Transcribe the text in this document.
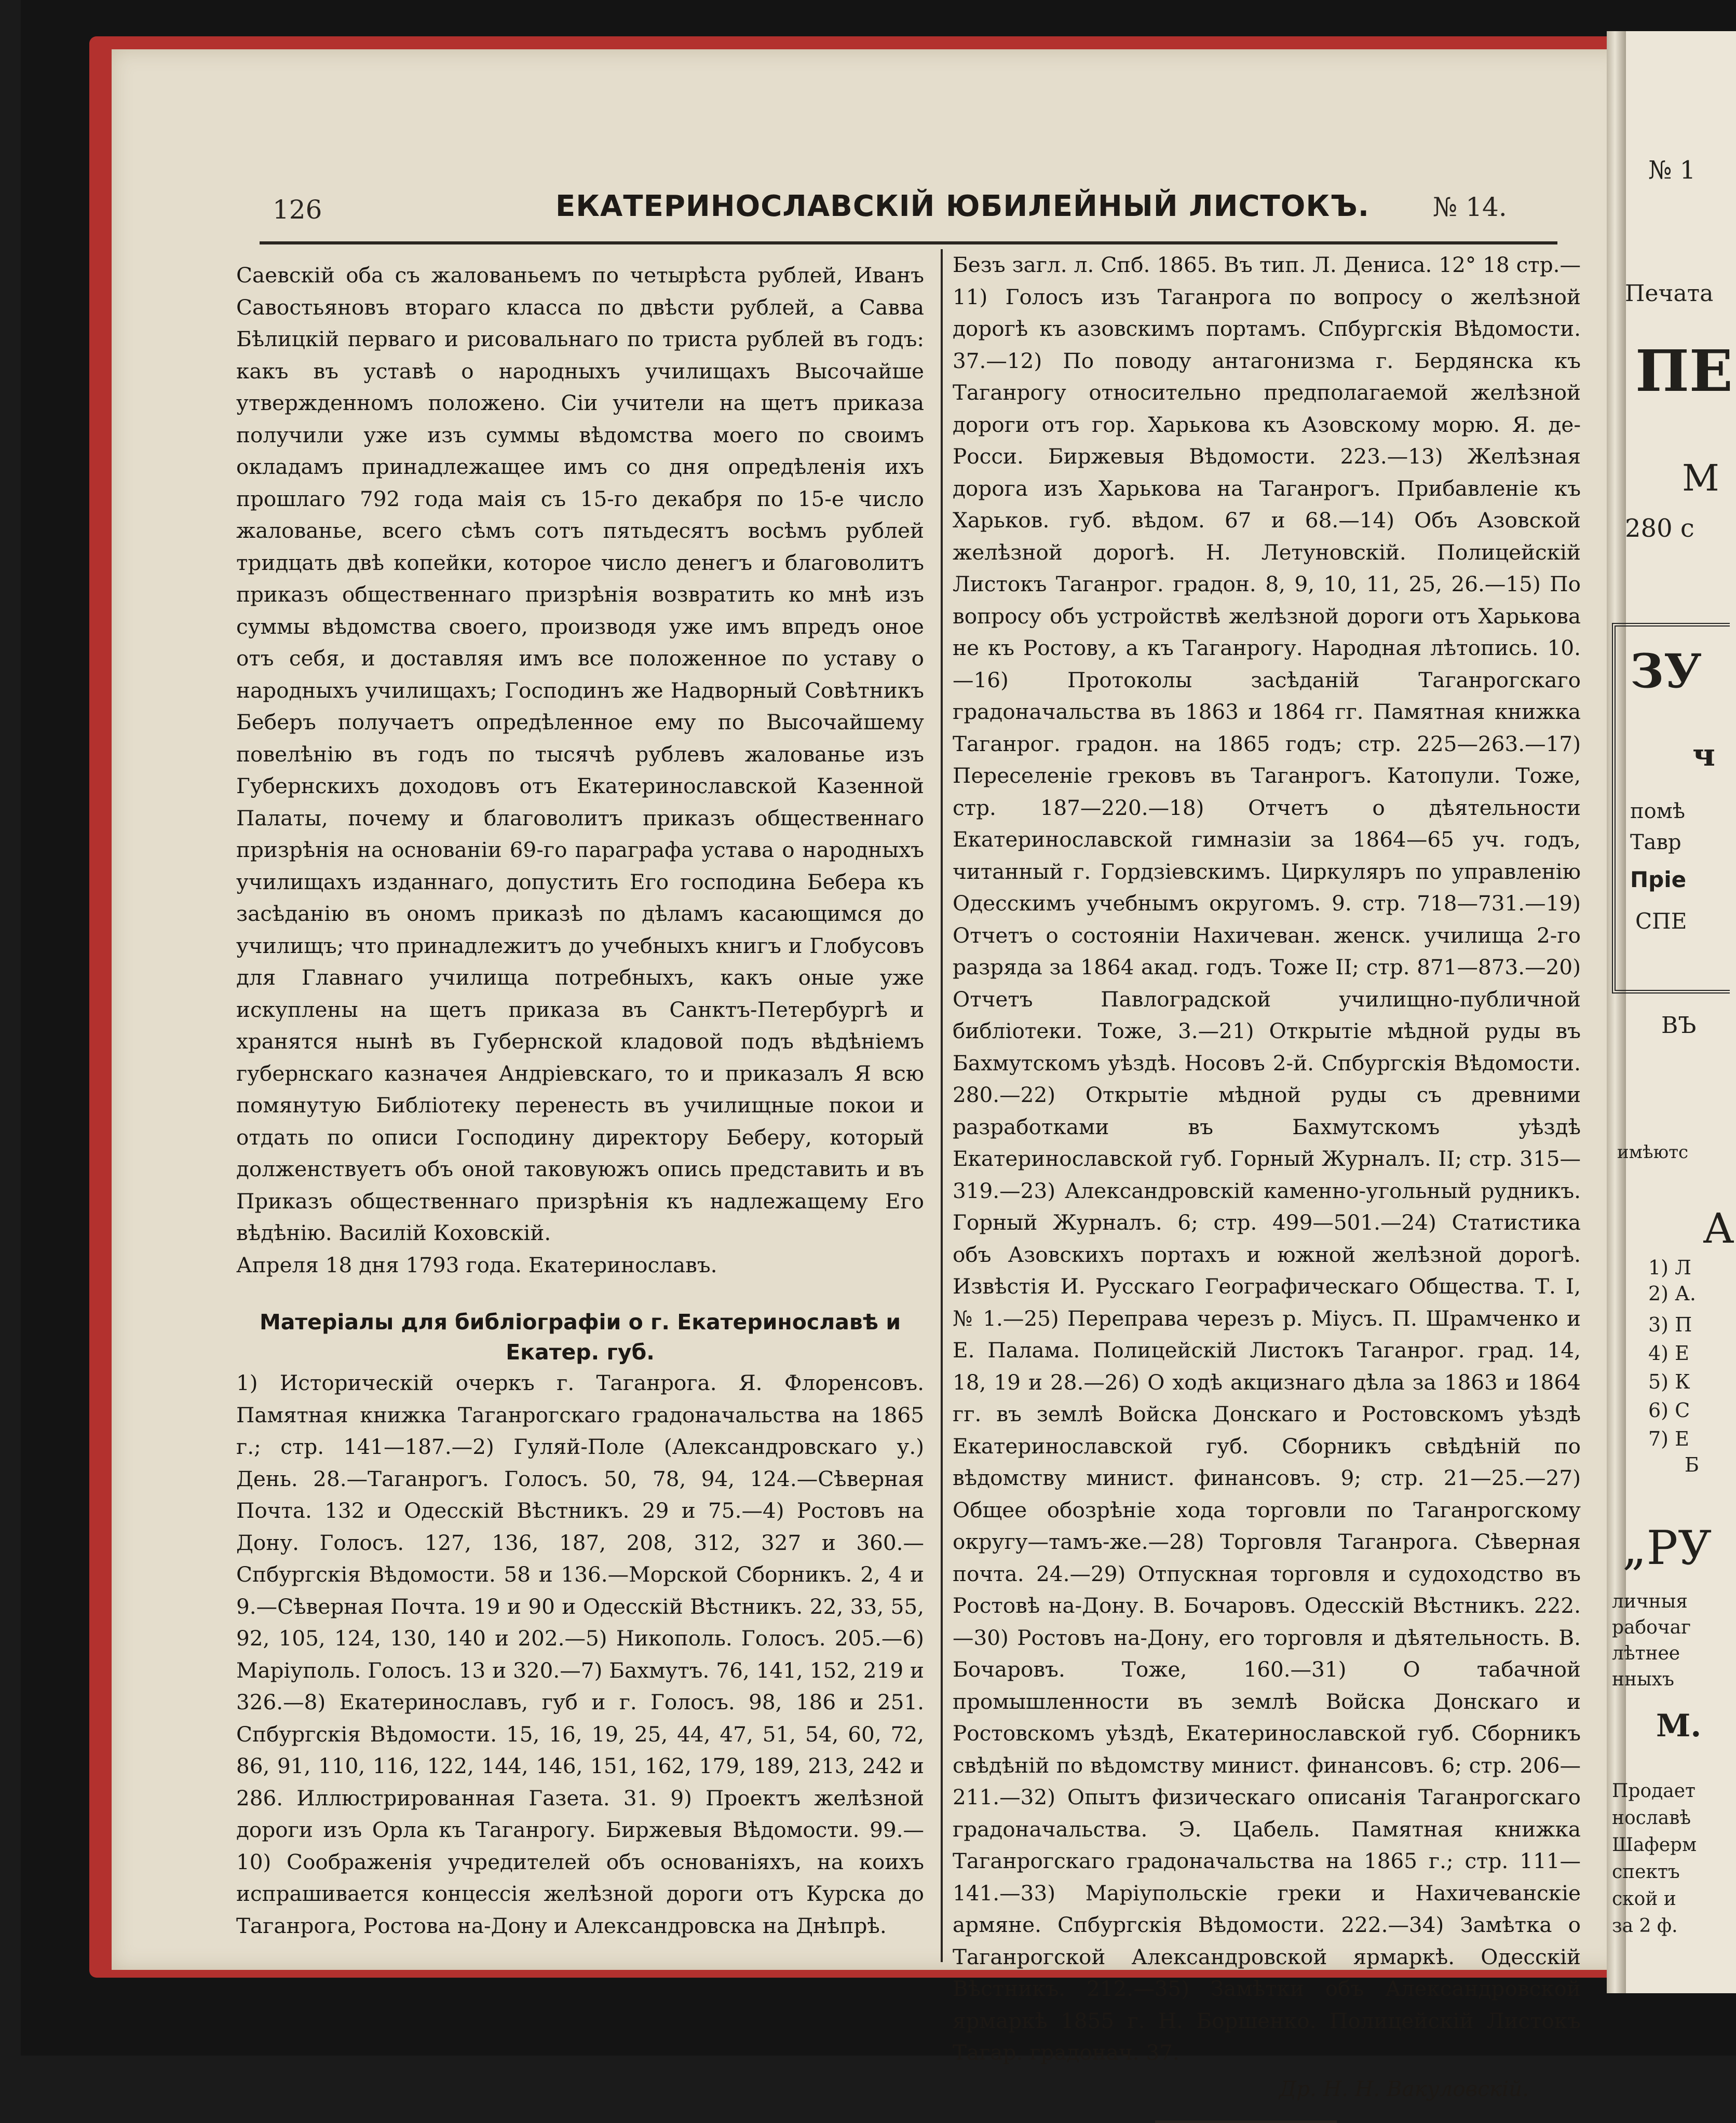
126	ЕКАТЕРИНОСЛАВСКІЙ ЮБИЛЕЙНЫЙ ЛИСТОКЪ. № 14.

Саевскій оба съ жалованьемъ по четырѣста рублей, Иванъ Савостьяновъ втораго класса по двѣсти рублей, а Савва Бѣлицкій перваго и рисовальнаго по триста рублей въ годъ: какъ въ уставѣ о народныхъ училищахъ Высочайше утвержденномъ положено. Сіи учители на щетъ приказа получили уже изъ суммы вѣдомства моего по своимъ окладамъ принадлежащее имъ со дня опредѣленія ихъ прошлаго 792 года маія съ 15-го декабря по 15-е число жалованье, всего сѣмъ сотъ пятьдесятъ восѣмъ рублей тридцать двѣ копейки, которое число денегъ и благоволитъ приказъ общественнаго призрѣнія возвратить ко мнѣ изъ суммы вѣдомства своего, производя уже имъ впредъ оное отъ себя, и доставляя имъ все положенное по уставу о народныхъ училищахъ; Господинъ же Надворный Совѣтникъ Беберъ получаетъ опредѣленное ему по Высочайшему повелѣнію въ годъ по тысячѣ рублевъ жалованье изъ Губернскихъ доходовъ отъ Екатеринославской Казенной Палаты, почему и благоволитъ приказъ общественнаго призрѣнія на основаніи 69-го параграфа устава о народныхъ училищахъ изданнаго, допустить Его господина Бебера къ засѣданію въ ономъ приказѣ по дѣламъ касающимся до училищъ; что принадлежитъ до учебныхъ книгъ и Глобусовъ для Главнаго училища потребныхъ, какъ оные уже искуплены на щетъ приказа въ Санктъ-Петербургѣ и хранятся нынѣ въ Губернской кладовой подъ вѣдѣніемъ губернскаго казначея Андріевскаго, то и приказалъ Я всю помянутую Библіотеку перенесть въ училищные покои и отдать по описи Господину директору Беберу, который долженствуетъ объ оной таковуюжъ опись представить и въ Приказъ общественнаго призрѣнія къ надлежащему Его вѣдѣнію. Василій Коховскій.

Апреля 18 дня 1793 года. Екатеринославъ.

Матеріалы для библіографіи о г. Екатеринославѣ и Екатер. губ.

1) Историческій очеркъ г. Таганрога. Я. Флоренсовъ. Памятная книжка Таганрогскаго градоначальства на 1865 г.; стр. 141—187.—2) Гуляй-Поле (Александровскаго у.) День. 28.—Таганрогъ. Голосъ. 50, 78, 94, 124.—Сѣверная Почта. 132 и Одесскій Вѣстникъ. 29 и 75.—4) Ростовъ на Дону. Голосъ. 127, 136, 187, 208, 312, 327 и 360.—Спбургскія Вѣдомости. 58 и 136.—Морской Сборникъ. 2, 4 и 9.—Сѣверная Почта. 19 и 90 и Одесскій Вѣстникъ. 22, 33, 55, 92, 105, 124, 130, 140 и 202.—5) Никополь. Голосъ. 205.—6) Маріуполь. Голосъ. 13 и 320.—7) Бахмутъ. 76, 141, 152, 219 и 326.—8) Екатеринославъ, губ и г. Голосъ. 98, 186 и 251. Спбургскія Вѣдомости. 15, 16, 19, 25, 44, 47, 51, 54, 60, 72, 86, 91, 110, 116, 122, 144, 146, 151, 162, 179, 189, 213, 242 и 286. Иллюстрированная Газета. 31. 9) Проектъ желѣзной дороги изъ Орла къ Таганрогу. Биржевыя Вѣдомости. 99.—10) Соображенія учредителей объ основаніяхъ, на коихъ испрашивается концессія желѣзной дороги отъ Курска до Таганрога, Ростова на-Дону и Александровска на Днѣпрѣ.

Безъ загл. л. Спб. 1865. Въ тип. Л. Дениса. 12° 18 стр.—11) Голосъ изъ Таганрога по вопросу о желѣзной дорогѣ къ азовскимъ портамъ. Спбургскія Вѣдомости. 37.—12) По поводу антагонизма г. Бердянска къ Таганрогу относительно предполагаемой желѣзной дороги отъ гор. Харькова къ Азовскому морю. Я. де-Росси. Биржевыя Вѣдомости. 223.—13) Желѣзная дорога изъ Харькова на Таганрогъ. Прибавленіе къ Харьков. губ. вѣдом. 67 и 68.—14) Объ Азовской желѣзной дорогѣ. Н. Летуновскій. Полицейскій Листокъ Таганрог. градон. 8, 9, 10, 11, 25, 26.—15) По вопросу объ устройствѣ желѣзной дороги отъ Харькова не къ Ростову, а къ Таганрогу. Народная лѣтопись. 10.—16) Протоколы засѣданій Таганрогскаго градоначальства въ 1863 и 1864 гг. Памятная книжка Таганрог. градон. на 1865 годъ; стр. 225—263.—17) Переселеніе грековъ въ Таганрогъ. Катопули. Тоже, стр. 187—220.—18) Отчетъ о дѣятельности Екатеринославской гимназіи за 1864—65 уч. годъ, читанный г. Гордзіевскимъ. Циркуляръ по управленію Одесскимъ учебнымъ округомъ. 9. стр. 718—731.—19) Отчетъ о состояніи Нахичеван. женск. училища 2-го разряда за 1864 акад. годъ. Тоже II; стр. 871—873.—20) Отчетъ Павлоградской училищно-публичной библіотеки. Тоже, 3.—21) Открытіе мѣдной руды въ Бахмутскомъ уѣздѣ. Носовъ 2-й. Спбургскія Вѣдомости. 280.—22) Открытіе мѣдной руды съ древними разработками въ Бахмутскомъ уѣздѣ Екатеринославской губ. Горный Журналъ. II; стр. 315—319.—23) Александровскій каменно-угольный рудникъ. Горный Журналъ. 6; стр. 499—501.—24) Статистика объ Азовскихъ портахъ и южной желѣзной дорогѣ. Извѣстія И. Русскаго Географическаго Общества. Т. I, № 1.—25) Переправа черезъ р. Міусъ. П. Шрамченко и Е. Палама. Полицейскій Листокъ Таганрог. град. 14, 18, 19 и 28.—26) О ходѣ акцизнаго дѣла за 1863 и 1864 гг. въ землѣ Войска Донскаго и Ростовскомъ уѣздѣ Екатеринославской губ. Сборникъ свѣдѣній по вѣдомству минист. финансовъ. 9; стр. 21—25.—27) Общее обозрѣніе хода торговли по Таганрогскому округу—тамъ-же.—28) Торговля Таганрога. Сѣверная почта. 24.—29) Отпускная торговля и судоходство въ Ростовѣ на-Дону. В. Бочаровъ. Одесскій Вѣстникъ. 222.—30) Ростовъ на-Дону, его торговля и дѣятельность. В. Бочаровъ. Тоже, 160.—31) О табачной промышленности въ землѣ Войска Донскаго и Ростовскомъ уѣздѣ, Екатеринославской губ. Сборникъ свѣдѣній по вѣдомству минист. финансовъ. 6; стр. 206—211.—32) Опытъ физическаго описанія Таганрогскаго градоначальства. Э. Цабель. Памятная книжка Таганрогскаго градоначальства на 1865 г.; стр. 111—141.—33) Маріупольскіе греки и Нахичеванскіе армяне. Спбургскія Вѣдомости. 222.—34) Замѣтка о Таганрогской Александровской ярмаркѣ. Одесскій Вѣстникъ. 212.—35) Замѣтки объ Александровской ярмаркѣ 1855 г. Н. Боршенко. Полицейскій Листокъ Тагар. градонач. 37.

Др. Н. Н. Вакуловскій.

№ 1
Печата
ПЕ
М
280 с
ЗУ
ч
помѣ
Тавр
Пріе
СПЕ
ВЪ
имѣютс
А
1) Л
2) А.
3) П
4) Е
5) К
6) С
7) Е
Б
„РУ
личныя
рабочаг
лѣтнее
нныхъ
М.
Продает
нославѣ
Шаферм
спектъ
ской и
за 2 ф.
